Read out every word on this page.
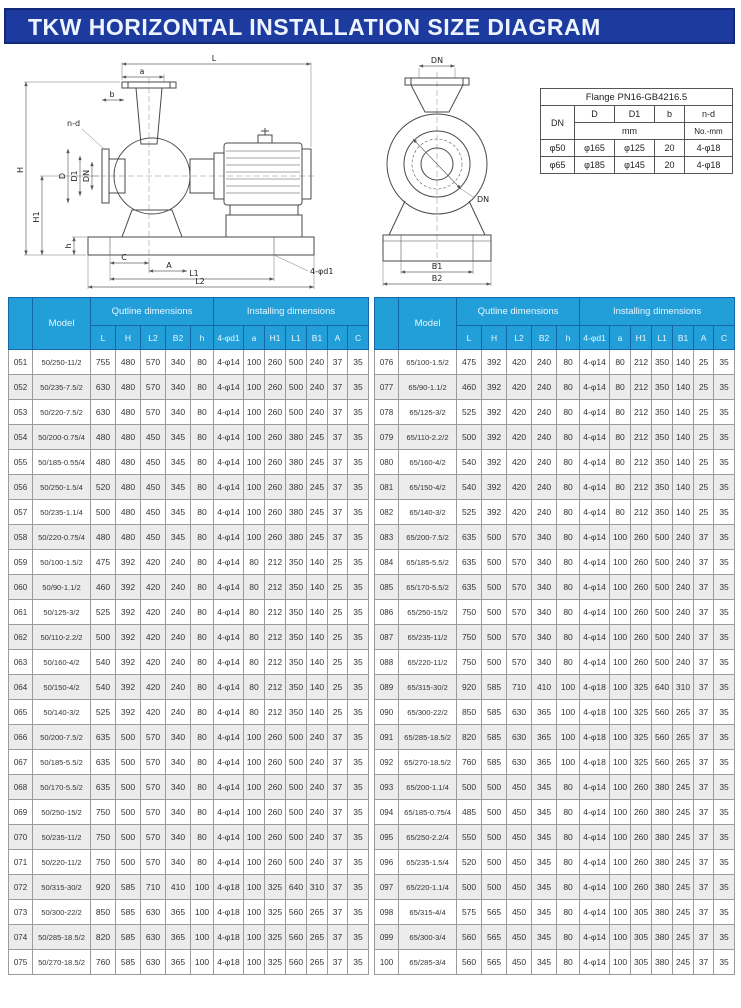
TKW HORIZONTAL INSTALLATION SIZE DIAGRAM
L
a
b
n-d
H
H1
D D1 DN
h
C
A
L1
L2
4-φd1
DN
DN
B1
B2
Flange PN16-GB4216.5				
DN	D	D1	b	n-d
	mm			No.-mm
φ50	φ165	φ125	20	4-φ18
φ65	φ185	φ145	20	4-φ18
	Model	Qutline dimensions					Installing dimensions						
		L	H	L2	B2	h	4-φd1	a	H1	L1	B1	A	C
051	50/250-11/2	755	480	570	340	80	4-φ14	100	260	500	240	37	35
052	50/235-7.5/2	630	480	570	340	80	4-φ14	100	260	500	240	37	35
053	50/220-7.5/2	630	480	570	340	80	4-φ14	100	260	500	240	37	35
054	50/200-0.75/4	480	480	450	345	80	4-φ14	100	260	380	245	37	35
055	50/185-0.55/4	480	480	450	345	80	4-φ14	100	260	380	245	37	35
056	50/250-1.5/4	520	480	450	345	80	4-φ14	100	260	380	245	37	35
057	50/235-1.1/4	500	480	450	345	80	4-φ14	100	260	380	245	37	35
058	50/220-0.75/4	480	480	450	345	80	4-φ14	100	260	380	245	37	35
059	50/100-1.5/2	475	392	420	240	80	4-φ14	80	212	350	140	25	35
060	50/90-1.1/2	460	392	420	240	80	4-φ14	80	212	350	140	25	35
061	50/125-3/2	525	392	420	240	80	4-φ14	80	212	350	140	25	35
062	50/110-2.2/2	500	392	420	240	80	4-φ14	80	212	350	140	25	35
063	50/160-4/2	540	392	420	240	80	4-φ14	80	212	350	140	25	35
064	50/150-4/2	540	392	420	240	80	4-φ14	80	212	350	140	25	35
065	50/140-3/2	525	392	420	240	80	4-φ14	80	212	350	140	25	35
066	50/200-7.5/2	635	500	570	340	80	4-φ14	100	260	500	240	37	35
067	50/185-5.5/2	635	500	570	340	80	4-φ14	100	260	500	240	37	35
068	50/170-5.5/2	635	500	570	340	80	4-φ14	100	260	500	240	37	35
069	50/250-15/2	750	500	570	340	80	4-φ14	100	260	500	240	37	35
070	50/235-11/2	750	500	570	340	80	4-φ14	100	260	500	240	37	35
071	50/220-11/2	750	500	570	340	80	4-φ14	100	260	500	240	37	35
072	50/315-30/2	920	585	710	410	100	4-φ18	100	325	640	310	37	35
073	50/300-22/2	850	585	630	365	100	4-φ18	100	325	560	265	37	35
074	50/285-18.5/2	820	585	630	365	100	4-φ18	100	325	560	265	37	35
075	50/270-18.5/2	760	585	630	365	100	4-φ18	100	325	560	265	37	35
	Model	Qutline dimensions					Installing dimensions						
		L	H	L2	B2	h	4-φd1	a	H1	L1	B1	A	C
076	65/100-1.5/2	475	392	420	240	80	4-φ14	80	212	350	140	25	35
077	65/90-1.1/2	460	392	420	240	80	4-φ14	80	212	350	140	25	35
078	65/125-3/2	525	392	420	240	80	4-φ14	80	212	350	140	25	35
079	65/110-2.2/2	500	392	420	240	80	4-φ14	80	212	350	140	25	35
080	65/160-4/2	540	392	420	240	80	4-φ14	80	212	350	140	25	35
081	65/150-4/2	540	392	420	240	80	4-φ14	80	212	350	140	25	35
082	65/140-3/2	525	392	420	240	80	4-φ14	80	212	350	140	25	35
083	65/200-7.5/2	635	500	570	340	80	4-φ14	100	260	500	240	37	35
084	65/185-5.5/2	635	500	570	340	80	4-φ14	100	260	500	240	37	35
085	65/170-5.5/2	635	500	570	340	80	4-φ14	100	260	500	240	37	35
086	65/250-15/2	750	500	570	340	80	4-φ14	100	260	500	240	37	35
087	65/235-11/2	750	500	570	340	80	4-φ14	100	260	500	240	37	35
088	65/220-11/2	750	500	570	340	80	4-φ14	100	260	500	240	37	35
089	65/315-30/2	920	585	710	410	100	4-φ18	100	325	640	310	37	35
090	65/300-22/2	850	585	630	365	100	4-φ18	100	325	560	265	37	35
091	65/285-18.5/2	820	585	630	365	100	4-φ18	100	325	560	265	37	35
092	65/270-18.5/2	760	585	630	365	100	4-φ18	100	325	560	265	37	35
093	65/200-1.1/4	500	500	450	345	80	4-φ14	100	260	380	245	37	35
094	65/185-0.75/4	485	500	450	345	80	4-φ14	100	260	380	245	37	35
095	65/250-2.2/4	550	500	450	345	80	4-φ14	100	260	380	245	37	35
096	65/235-1.5/4	520	500	450	345	80	4-φ14	100	260	380	245	37	35
097	65/220-1.1/4	500	500	450	345	80	4-φ14	100	260	380	245	37	35
098	65/315-4/4	575	565	450	345	80	4-φ14	100	305	380	245	37	35
099	65/300-3/4	560	565	450	345	80	4-φ14	100	305	380	245	37	35
100	65/285-3/4	560	565	450	345	80	4-φ14	100	305	380	245	37	35
